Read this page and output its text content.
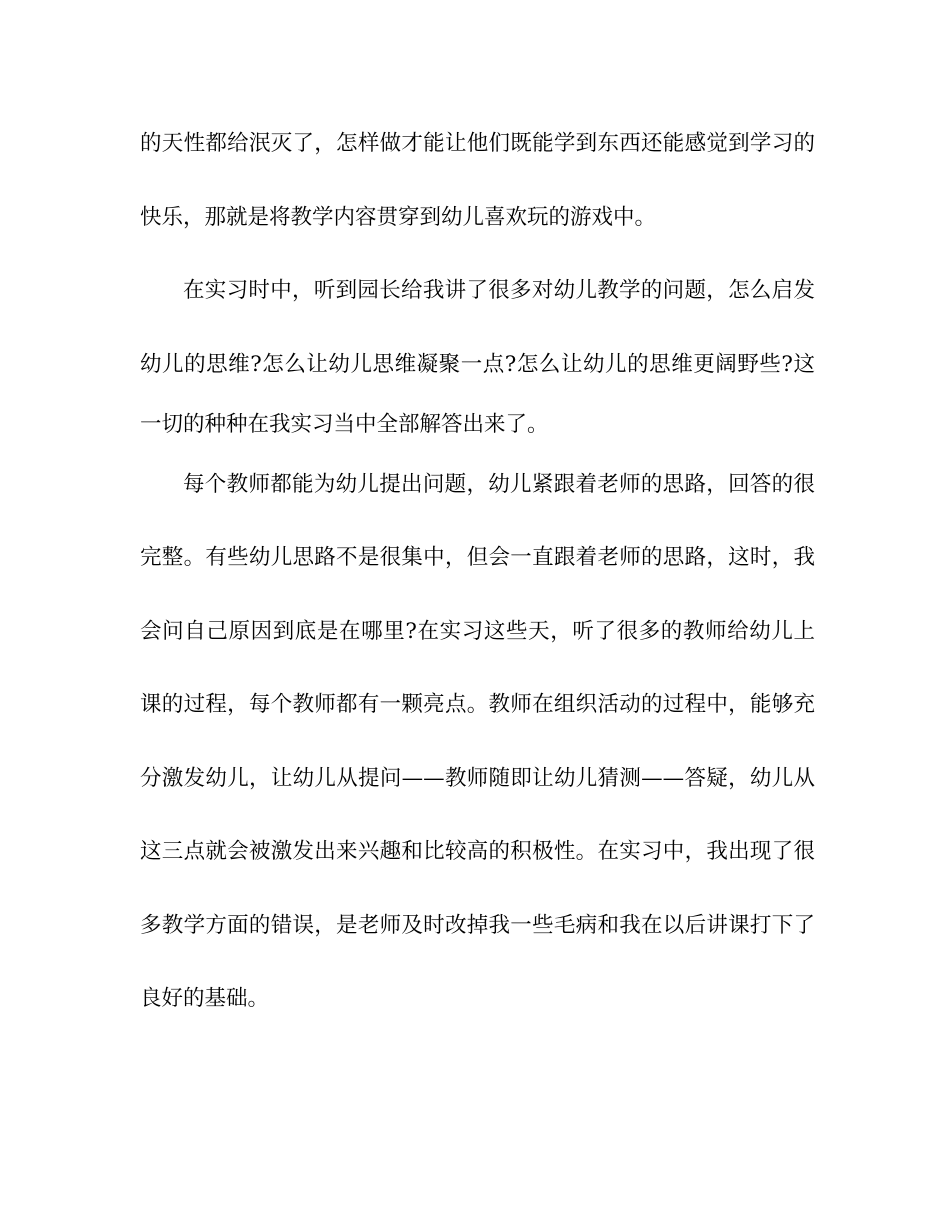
的天性都给泯灭了，怎样做才能让他们既能学到东西还能感觉到学习的
快乐，那就是将教学内容贯穿到幼儿喜欢玩的游戏中。
在实习时中，听到园长给我讲了很多对幼儿教学的问题，怎么启发
幼儿的思维?怎么让幼儿思维凝聚一点?怎么让幼儿的思维更阔野些?这
一切的种种在我实习当中全部解答出来了。
每个教师都能为幼儿提出问题，幼儿紧跟着老师的思路，回答的很
完整。有些幼儿思路不是很集中，但会一直跟着老师的思路，这时，我
会问自己原因到底是在哪里?在实习这些天，听了很多的教师给幼儿上
课的过程，每个教师都有一颗亮点。教师在组织活动的过程中，能够充
分激发幼儿，让幼儿从提问——教师随即让幼儿猜测——答疑，幼儿从
这三点就会被激发出来兴趣和比较高的积极性。在实习中，我出现了很
多教学方面的错误，是老师及时改掉我一些毛病和我在以后讲课打下了
良好的基础。
